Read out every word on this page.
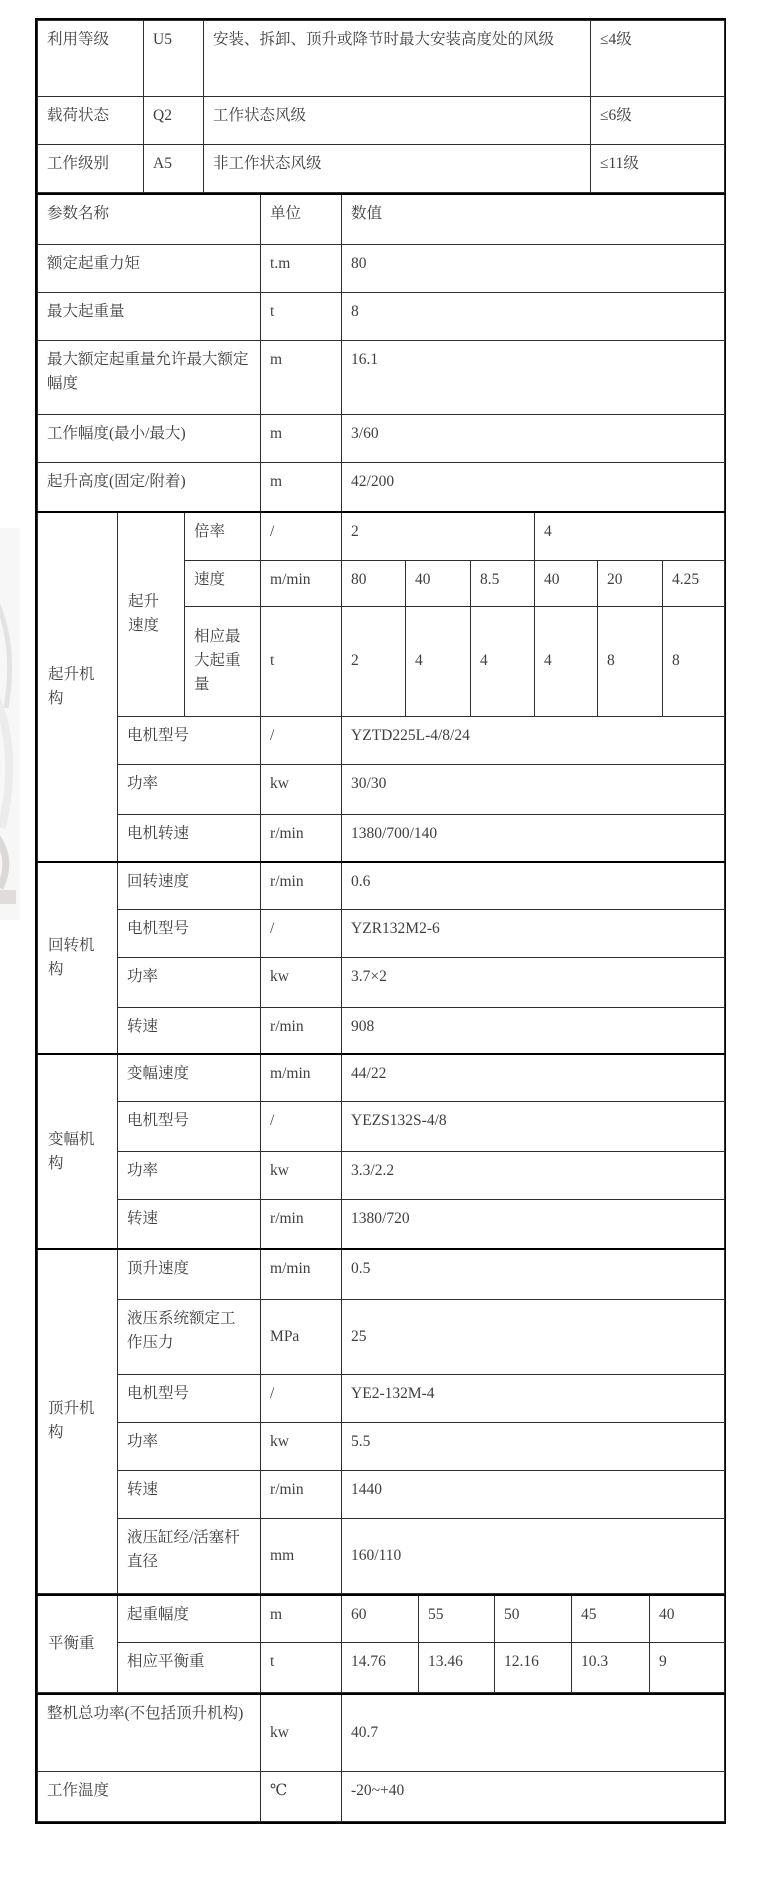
利用等级	U5	安装、拆卸、顶升或降节时最大安装高度处的风级	≤4级
载荷状态	Q2	工作状态风级	≤6级
工作级别	A5	非工作状态风级	≤11级
参数名称			单位	数值					
额定起重力矩			t.m	80					
最大起重量			t	8					
最大额定起重量允许最大额定幅度			m	16.1					
工作幅度(最小/最大)			m	3/60					
起升高度(固定/附着)			m	42/200					
起升机构	起升速度	倍率	/	2			4		
		速度	m/min	80	40	8.5	40	20	4.25
		相应最大起重量	t	2	4	4	4	8	8
	电机型号		/	YZTD225L-4/8/24					
	功率		kw	30/30					
	电机转速		r/min	1380/700/140					
回转机构	回转速度		r/min	0.6					
	电机型号		/	YZR132M2-6					
	功率		kw	3.7×2					
	转速		r/min	908					
变幅机构	变幅速度		m/min	44/22					
	电机型号		/	YEZS132S-4/8					
	功率		kw	3.3/2.2					
	转速		r/min	1380/720					
顶升机构	顶升速度		m/min	0.5					
	液压系统额定工作压力		MPa	25					
	电机型号		/	YE2-132M-4					
	功率		kw	5.5					
	转速		r/min	1440					
	液压缸经/活塞杆直径		mm	160/110					
平衡重	起重幅度	m	60	55	50	45	40
	相应平衡重	t	14.76	13.46	12.16	10.3	9
整机总功率(不包括顶升机构)	kw	40.7
工作温度	℃	-20~+40
